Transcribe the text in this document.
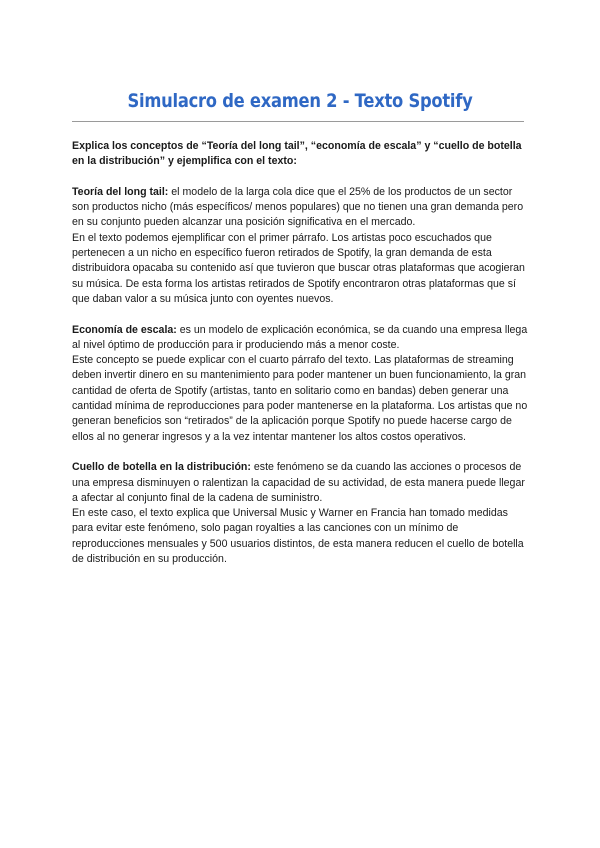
Simulacro de examen 2 - Texto Spotify

Explica los conceptos de “Teoría del long tail”, “economía de escala” y “cuello de botella en la distribución” y ejemplifica con el texto:

Teoría del long tail: el modelo de la larga cola dice que el 25% de los productos de un sector son productos nicho (más específicos/ menos populares) que no tienen una gran demanda pero en su conjunto pueden alcanzar una posición significativa en el mercado.

En el texto podemos ejemplificar con el primer párrafo. Los artistas poco escuchados que pertenecen a un nicho en específico fueron retirados de Spotify, la gran demanda de esta distribuidora opacaba su contenido así que tuvieron que buscar otras plataformas que acogieran su música. De esta forma los artistas retirados de Spotify encontraron otras plataformas que sí que daban valor a su música junto con oyentes nuevos.

Economía de escala: es un modelo de explicación económica, se da cuando una empresa llega al nivel óptimo de producción para ir produciendo más a menor coste.

Este concepto se puede explicar con el cuarto párrafo del texto. Las plataformas de streaming deben invertir dinero en su mantenimiento para poder mantener un buen funcionamiento, la gran cantidad de oferta de Spotify (artistas, tanto en solitario como en bandas) deben generar una cantidad mínima de reproducciones para poder mantenerse en la plataforma. Los artistas que no generan beneficios son “retirados” de la aplicación porque Spotify no puede hacerse cargo de ellos al no generar ingresos y a la vez intentar mantener los altos costos operativos.

Cuello de botella en la distribución: este fenómeno se da cuando las acciones o procesos de una empresa disminuyen o ralentizan la capacidad de su actividad, de esta manera puede llegar a afectar al conjunto final de la cadena de suministro.

En este caso, el texto explica que Universal Music y Warner en Francia han tomado medidas para evitar este fenómeno, solo pagan royalties a las canciones con un mínimo de reproducciones mensuales y 500 usuarios distintos, de esta manera reducen el cuello de botella de distribución en su producción.
